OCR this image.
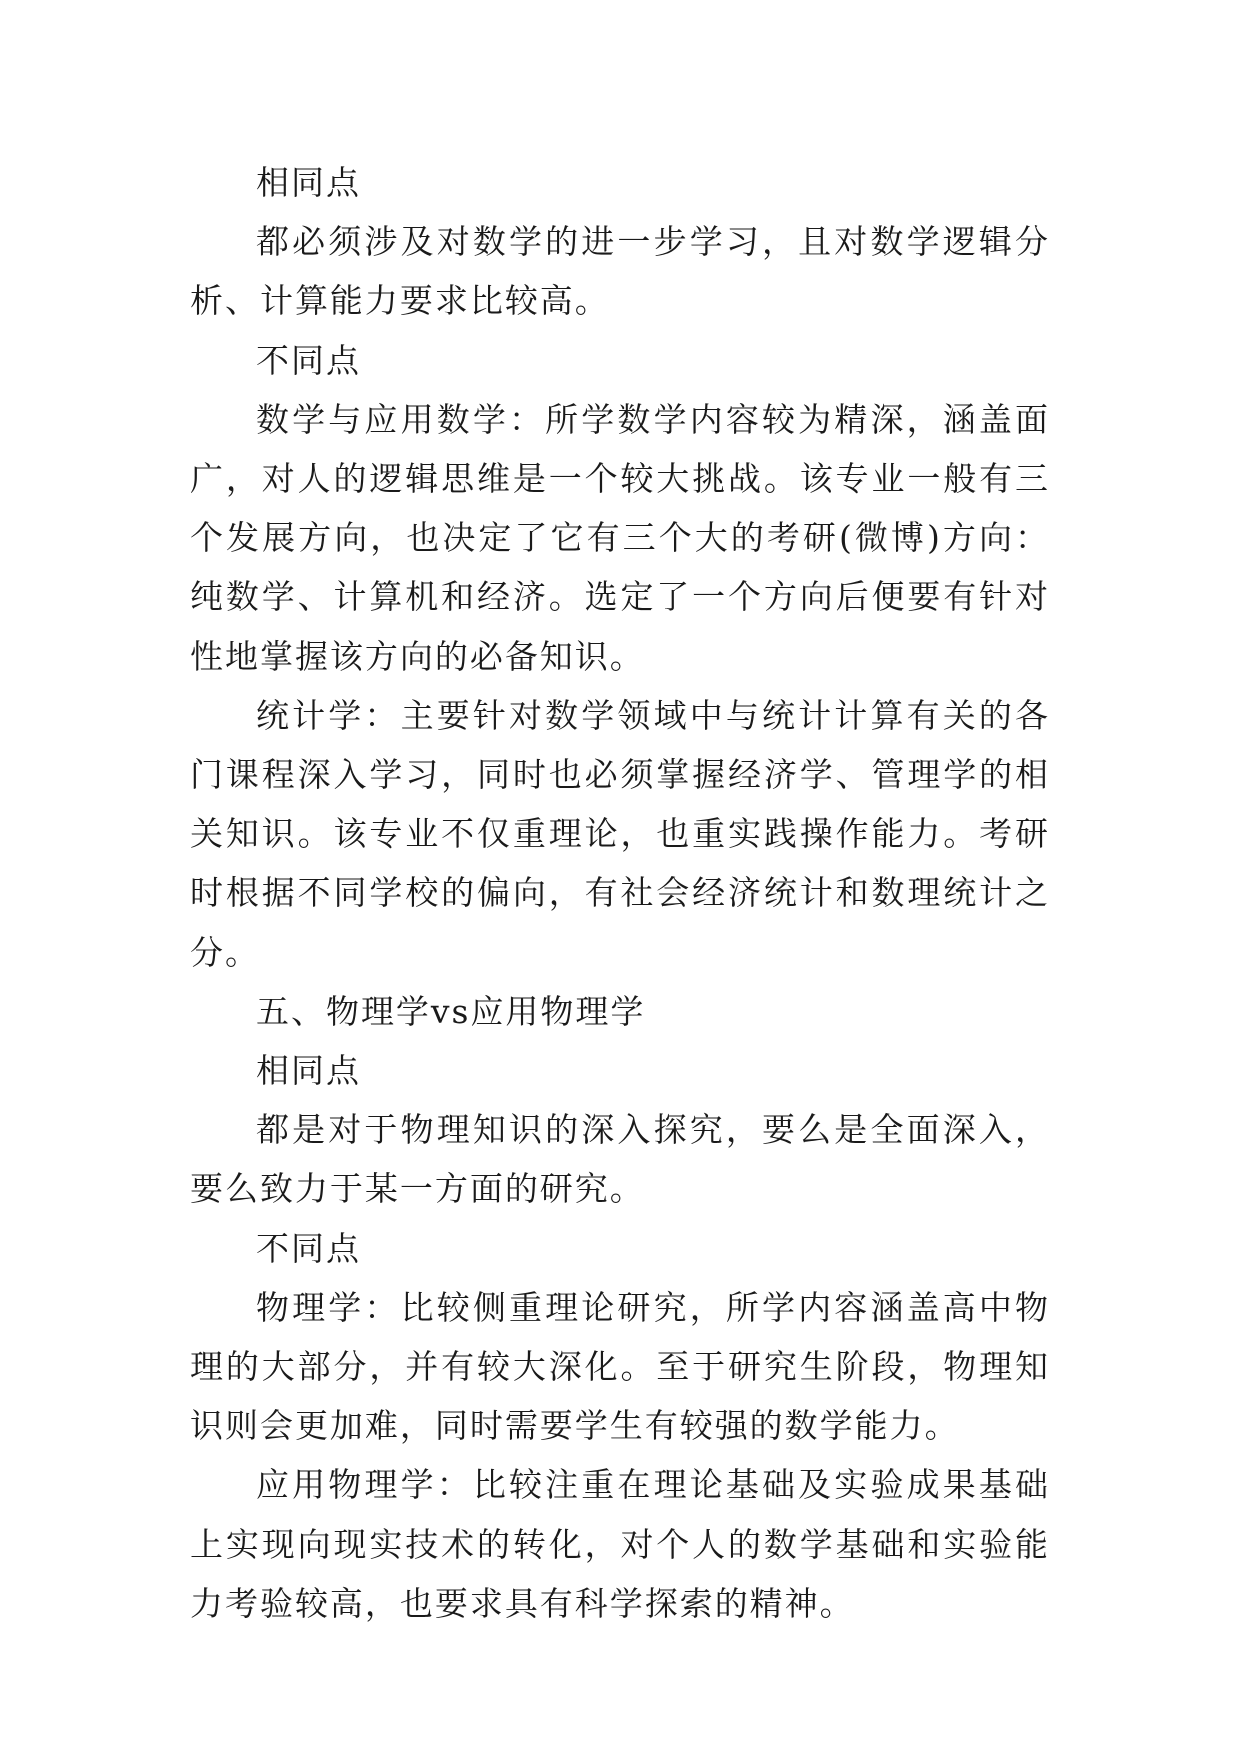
相同点

都必须涉及对数学的进一步学习，且对数学逻辑分析、计算能力要求比较高。

不同点

数学与应用数学：所学数学内容较为精深，涵盖面广，对人的逻辑思维是一个较大挑战。该专业一般有三个发展方向，也决定了它有三个大的考研(微博)方向：纯数学、计算机和经济。选定了一个方向后便要有针对性地掌握该方向的必备知识。

统计学：主要针对数学领域中与统计计算有关的各门课程深入学习，同时也必须掌握经济学、管理学的相关知识。该专业不仅重理论，也重实践操作能力。考研时根据不同学校的偏向，有社会经济统计和数理统计之分。

五、物理学vs应用物理学

相同点

都是对于物理知识的深入探究，要么是全面深入，要么致力于某一方面的研究。

不同点

物理学：比较侧重理论研究，所学内容涵盖高中物理的大部分，并有较大深化。至于研究生阶段，物理知识则会更加难，同时需要学生有较强的数学能力。

应用物理学：比较注重在理论基础及实验成果基础上实现向现实技术的转化，对个人的数学基础和实验能力考验较高，也要求具有科学探索的精神。
